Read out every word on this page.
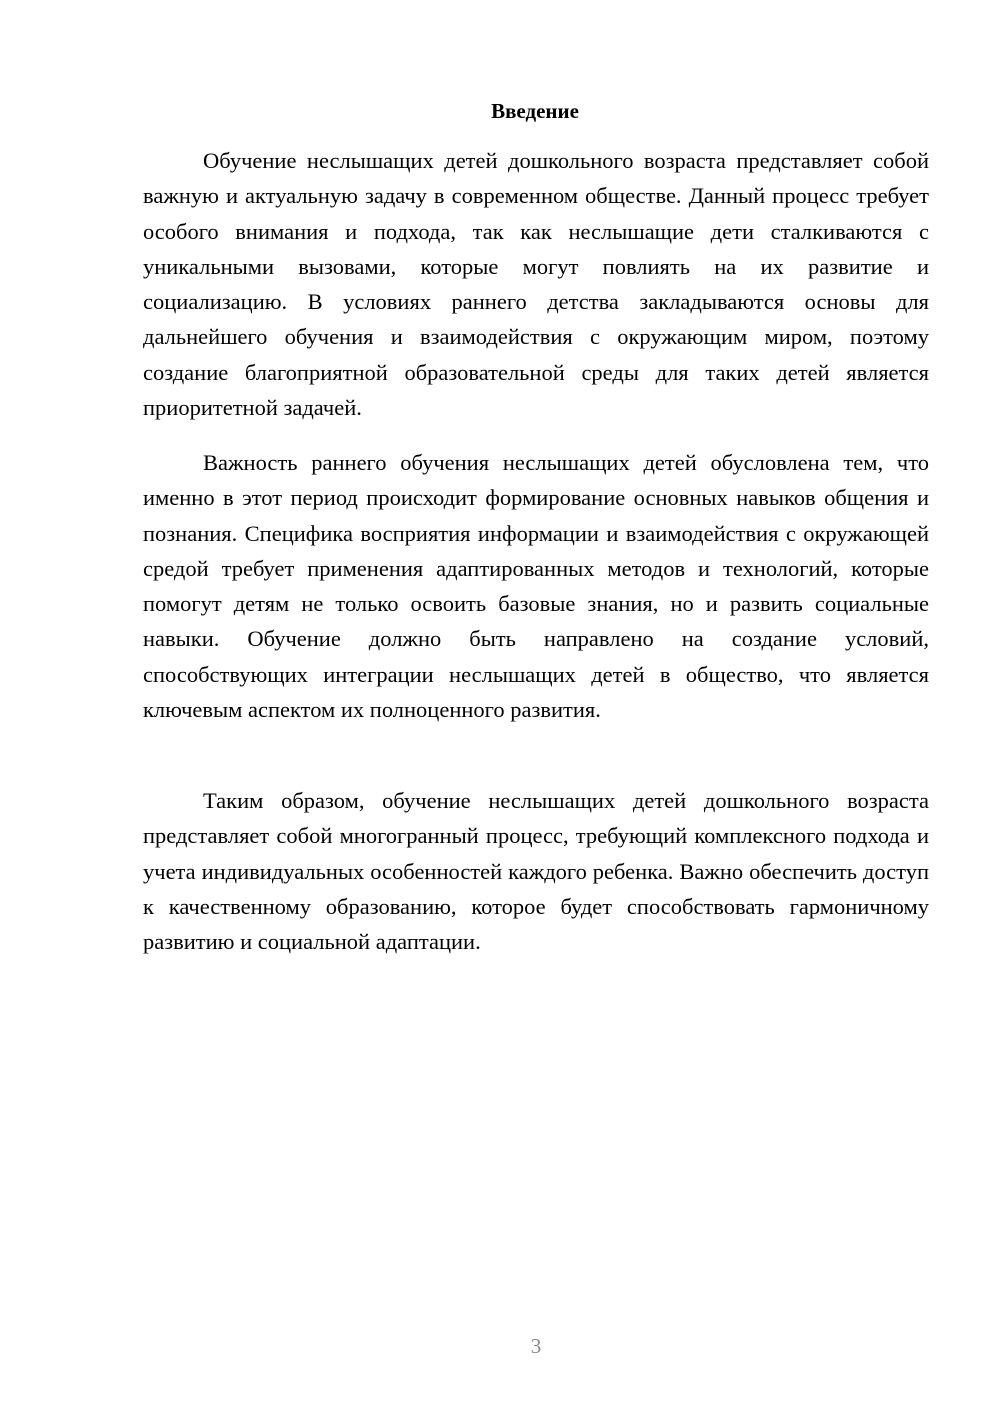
Введение

Обучение неслышащих детей дошкольного возраста представляет собой важную и актуальную задачу в современном обществе. Данный процесс требует особого внимания и подхода, так как неслышащие дети сталкиваются с уникальными вызовами, которые могут повлиять на их развитие и социализацию. В условиях раннего детства закладываются основы для дальнейшего обучения и взаимодействия с окружающим миром, поэтому создание благоприятной образовательной среды для таких детей является приоритетной задачей.

Важность раннего обучения неслышащих детей обусловлена тем, что именно в этот период происходит формирование основных навыков общения и познания. Специфика восприятия информации и взаимодействия с окружающей средой требует применения адаптированных методов и технологий, которые помогут детям не только освоить базовые знания, но и развить социальные навыки. Обучение должно быть направлено на создание условий, способствующих интеграции неслышащих детей в общество, что является ключевым аспектом их полноценного развития.

Таким образом, обучение неслышащих детей дошкольного возраста представляет собой многогранный процесс, требующий комплексного подхода и учета индивидуальных особенностей каждого ребенка. Важно обеспечить доступ к качественному образованию, которое будет способствовать гармоничному развитию и социальной адаптации.

3
